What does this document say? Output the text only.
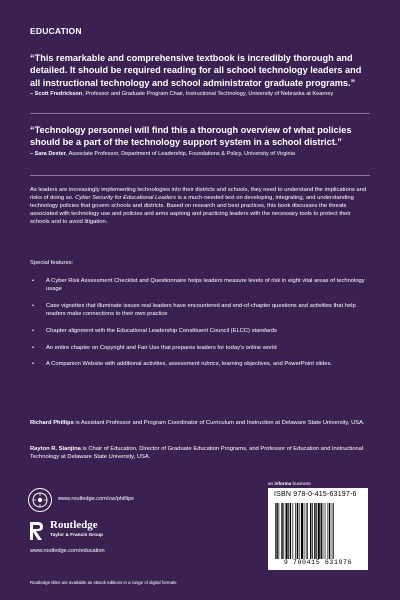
EDUCATION

“This remarkable and comprehensive textbook is incredibly thorough and detailed. It should be required reading for all school technology leaders and all instructional technology and school administrator graduate programs.”

– Scott Fredrickson, Professor and Graduate Program Chair, Instructional Technology, University of Nebraska at Kearney

“Technology personnel will find this a thorough overview of what policies should be a part of the technology support system in a school district.”

– Sara Dexter, Associate Professor, Department of Leadership, Foundations & Policy, University of Virginia

As leaders are increasingly implementing technologies into their districts and schools, they need to understand the implications and risks of doing so. Cyber Security for Educational Leaders is a much-needed text on developing, integrating, and understanding technology policies that govern schools and districts. Based on research and best practices, this book discusses the threats associated with technology use and policies and arms aspiring and practicing leaders with the necessary tools to protect their schools and to avoid litigation.

Special features:

• A Cyber Risk Assessment Checklist and Questionnaire helps leaders measure levels of risk in eight vital areas of technology usage
• Case vignettes that illuminate issues real leaders have encountered and end-of-chapter questions and activities that help readers make connections to their own practice
• Chapter alignment with the Educational Leadership Constituent Council (ELCC) standards
• An entire chapter on Copyright and Fair Use that prepares leaders for today’s online world
• A Companion Website with additional activities, assessment rubrics, learning objectives, and PowerPoint slides.

Richard Phillips is Assistant Professor and Program Coordinator of Curriculum and Instruction at Delaware State University, USA.

Rayton R. Sianjina is Chair of Education, Director of Graduate Education Programs, and Professor of Education and Instructional Technology at Delaware State University, USA.

www.routledge.com/cw/phillips
Routledge
Taylor & Francis Group
www.routledge.com/education
an informa business
ISBN 978-0-415-63197-6
9 780415 631976

Routledge titles are available as eBook editions in a range of digital formats
